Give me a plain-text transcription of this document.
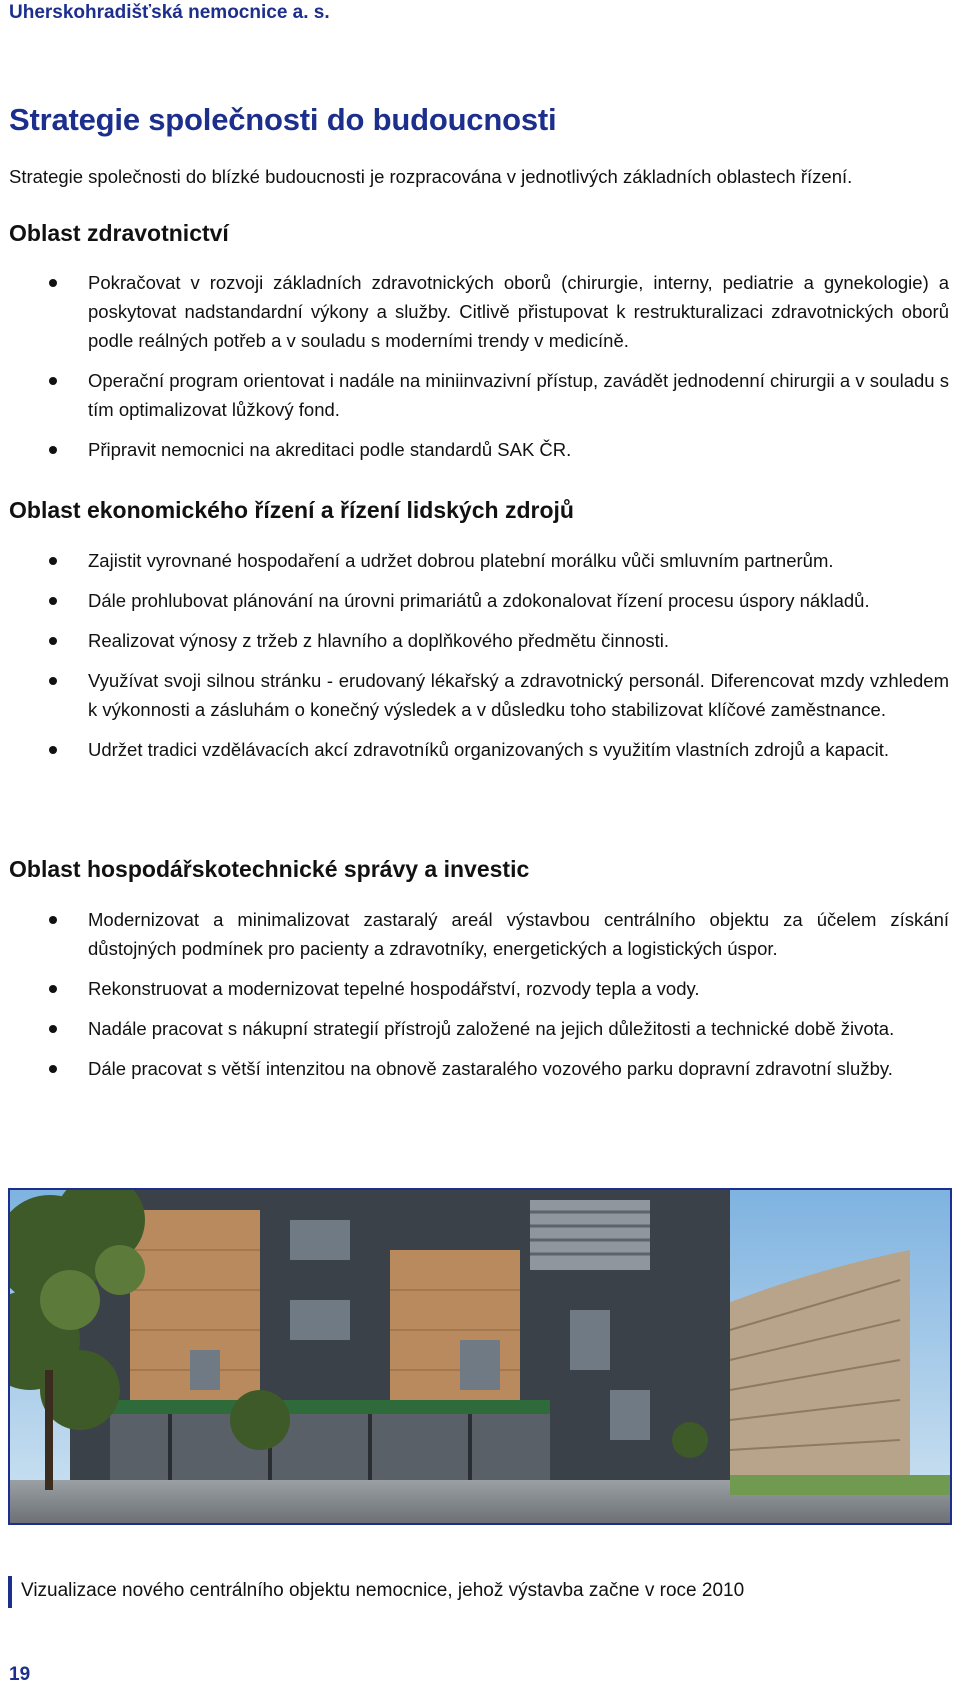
Uherskohradišťská nemocnice a. s.
Strategie společnosti do budoucnosti

Strategie společnosti do blízké budoucnosti je rozpracována v jednotlivých základních oblastech řízení.

Oblast zdravotnictví
Pokračovat v rozvoji základních zdravotnických oborů (chirurgie, interny, pediatrie a gynekologie) a poskytovat nadstandardní výkony a služby. Citlivě přistupovat k restrukturalizaci zdravotnických oborů podle reálných potřeb a v souladu s moderními trendy v medicíně.
Operační program orientovat i nadále na miniinvazivní přístup, zavádět jednodenní chirurgii a v souladu s tím optimalizovat lůžkový fond.
Připravit nemocnici na akreditaci podle standardů SAK ČR.
Oblast ekonomického řízení a řízení lidských zdrojů
Zajistit vyrovnané hospodaření a udržet dobrou platební morálku vůči smluvním partnerům.
Dále prohlubovat plánování na úrovni primariátů a zdokonalovat řízení procesu úspory nákladů.
Realizovat výnosy z tržeb z hlavního a doplňkového předmětu činnosti.
Využívat svoji silnou stránku - erudovaný lékařský a zdravotnický personál. Diferencovat mzdy vzhledem k výkonnosti a zásluhám o konečný výsledek a v důsledku toho stabilizovat klíčové zaměstnance.
Udržet tradici vzdělávacích akcí zdravotníků organizovaných s využitím vlastních zdrojů a kapacit.
Oblast hospodářskotechnické správy a investic
Modernizovat a minimalizovat zastaralý areál výstavbou centrálního objektu za účelem získání důstojných podmínek pro pacienty a zdravotníky, energetických a logistických úspor.
Rekonstruovat a modernizovat tepelné hospodářství, rozvody tepla a vody.
Nadále pracovat s nákupní strategií přístrojů založené na jejich důležitosti a technické době života.
Dále pracovat s větší intenzitou na obnově zastaralého vozového parku dopravní zdravotní služby.
Vizualizace nového centrálního objektu nemocnice, jehož výstavba začne v roce 2010
19
